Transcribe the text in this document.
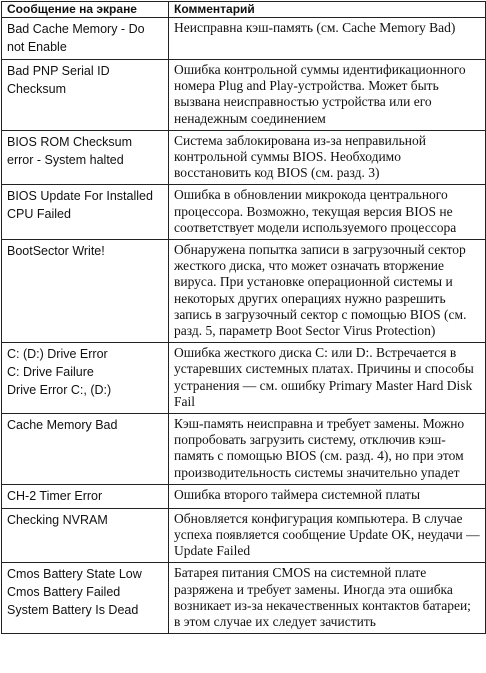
Сообщение на экране	Комментарий

Bad Cache Memory - Do
not Enable	Неисправна кэш-память (см. Cache Memory Bad)

Bad PNP Serial ID
Checksum	Ошибка контрольной суммы идентификационного номера Plug and Play-устройства. Может быть вызвана неисправностью устройства или его ненадежным соединением

BIOS ROM Checksum
error - System halted	Система заблокирована из-за неправильной контрольной суммы BIOS. Необходимо восстановить код BIOS (см. разд. 3)

BIOS Update For Installed
CPU Failed	Ошибка в обновлении микрокода центрального процессора. Возможно, текущая версия BIOS не соответствует модели используемого процессора

BootSector Write!	Обнаружена попытка записи в загрузочный сектор жесткого диска, что может означать вторжение вируса. При установке операционной системы и некоторых других операциях нужно разрешить запись в загрузочный сектор с помощью BIOS (см. разд. 5, параметр Boot Sector Virus Protection)

C: (D:) Drive Error
C: Drive Failure
Drive Error C:, (D:)	Ошибка жесткого диска C: или D:. Встречается в устаревших системных платах. Причины и способы устранения — см. ошибку Primary Master Hard Disk Fail

Cache Memory Bad	Кэш-память неисправна и требует замены. Можно попробовать загрузить систему, отключив кэш-память с помощью BIOS (см. разд. 4), но при этом производительность системы значительно упадет

CH-2 Timer Error	Ошибка второго таймера системной платы

Checking NVRAM	Обновляется конфигурация компьютера. В случае успеха появляется сообщение Update OK, неудачи — Update Failed

Cmos Battery State Low
Cmos Battery Failed
System Battery Is Dead	Батарея питания CMOS на системной плате разряжена и требует замены. Иногда эта ошибка возникает из-за некачественных контактов батареи; в этом случае их следует зачистить
